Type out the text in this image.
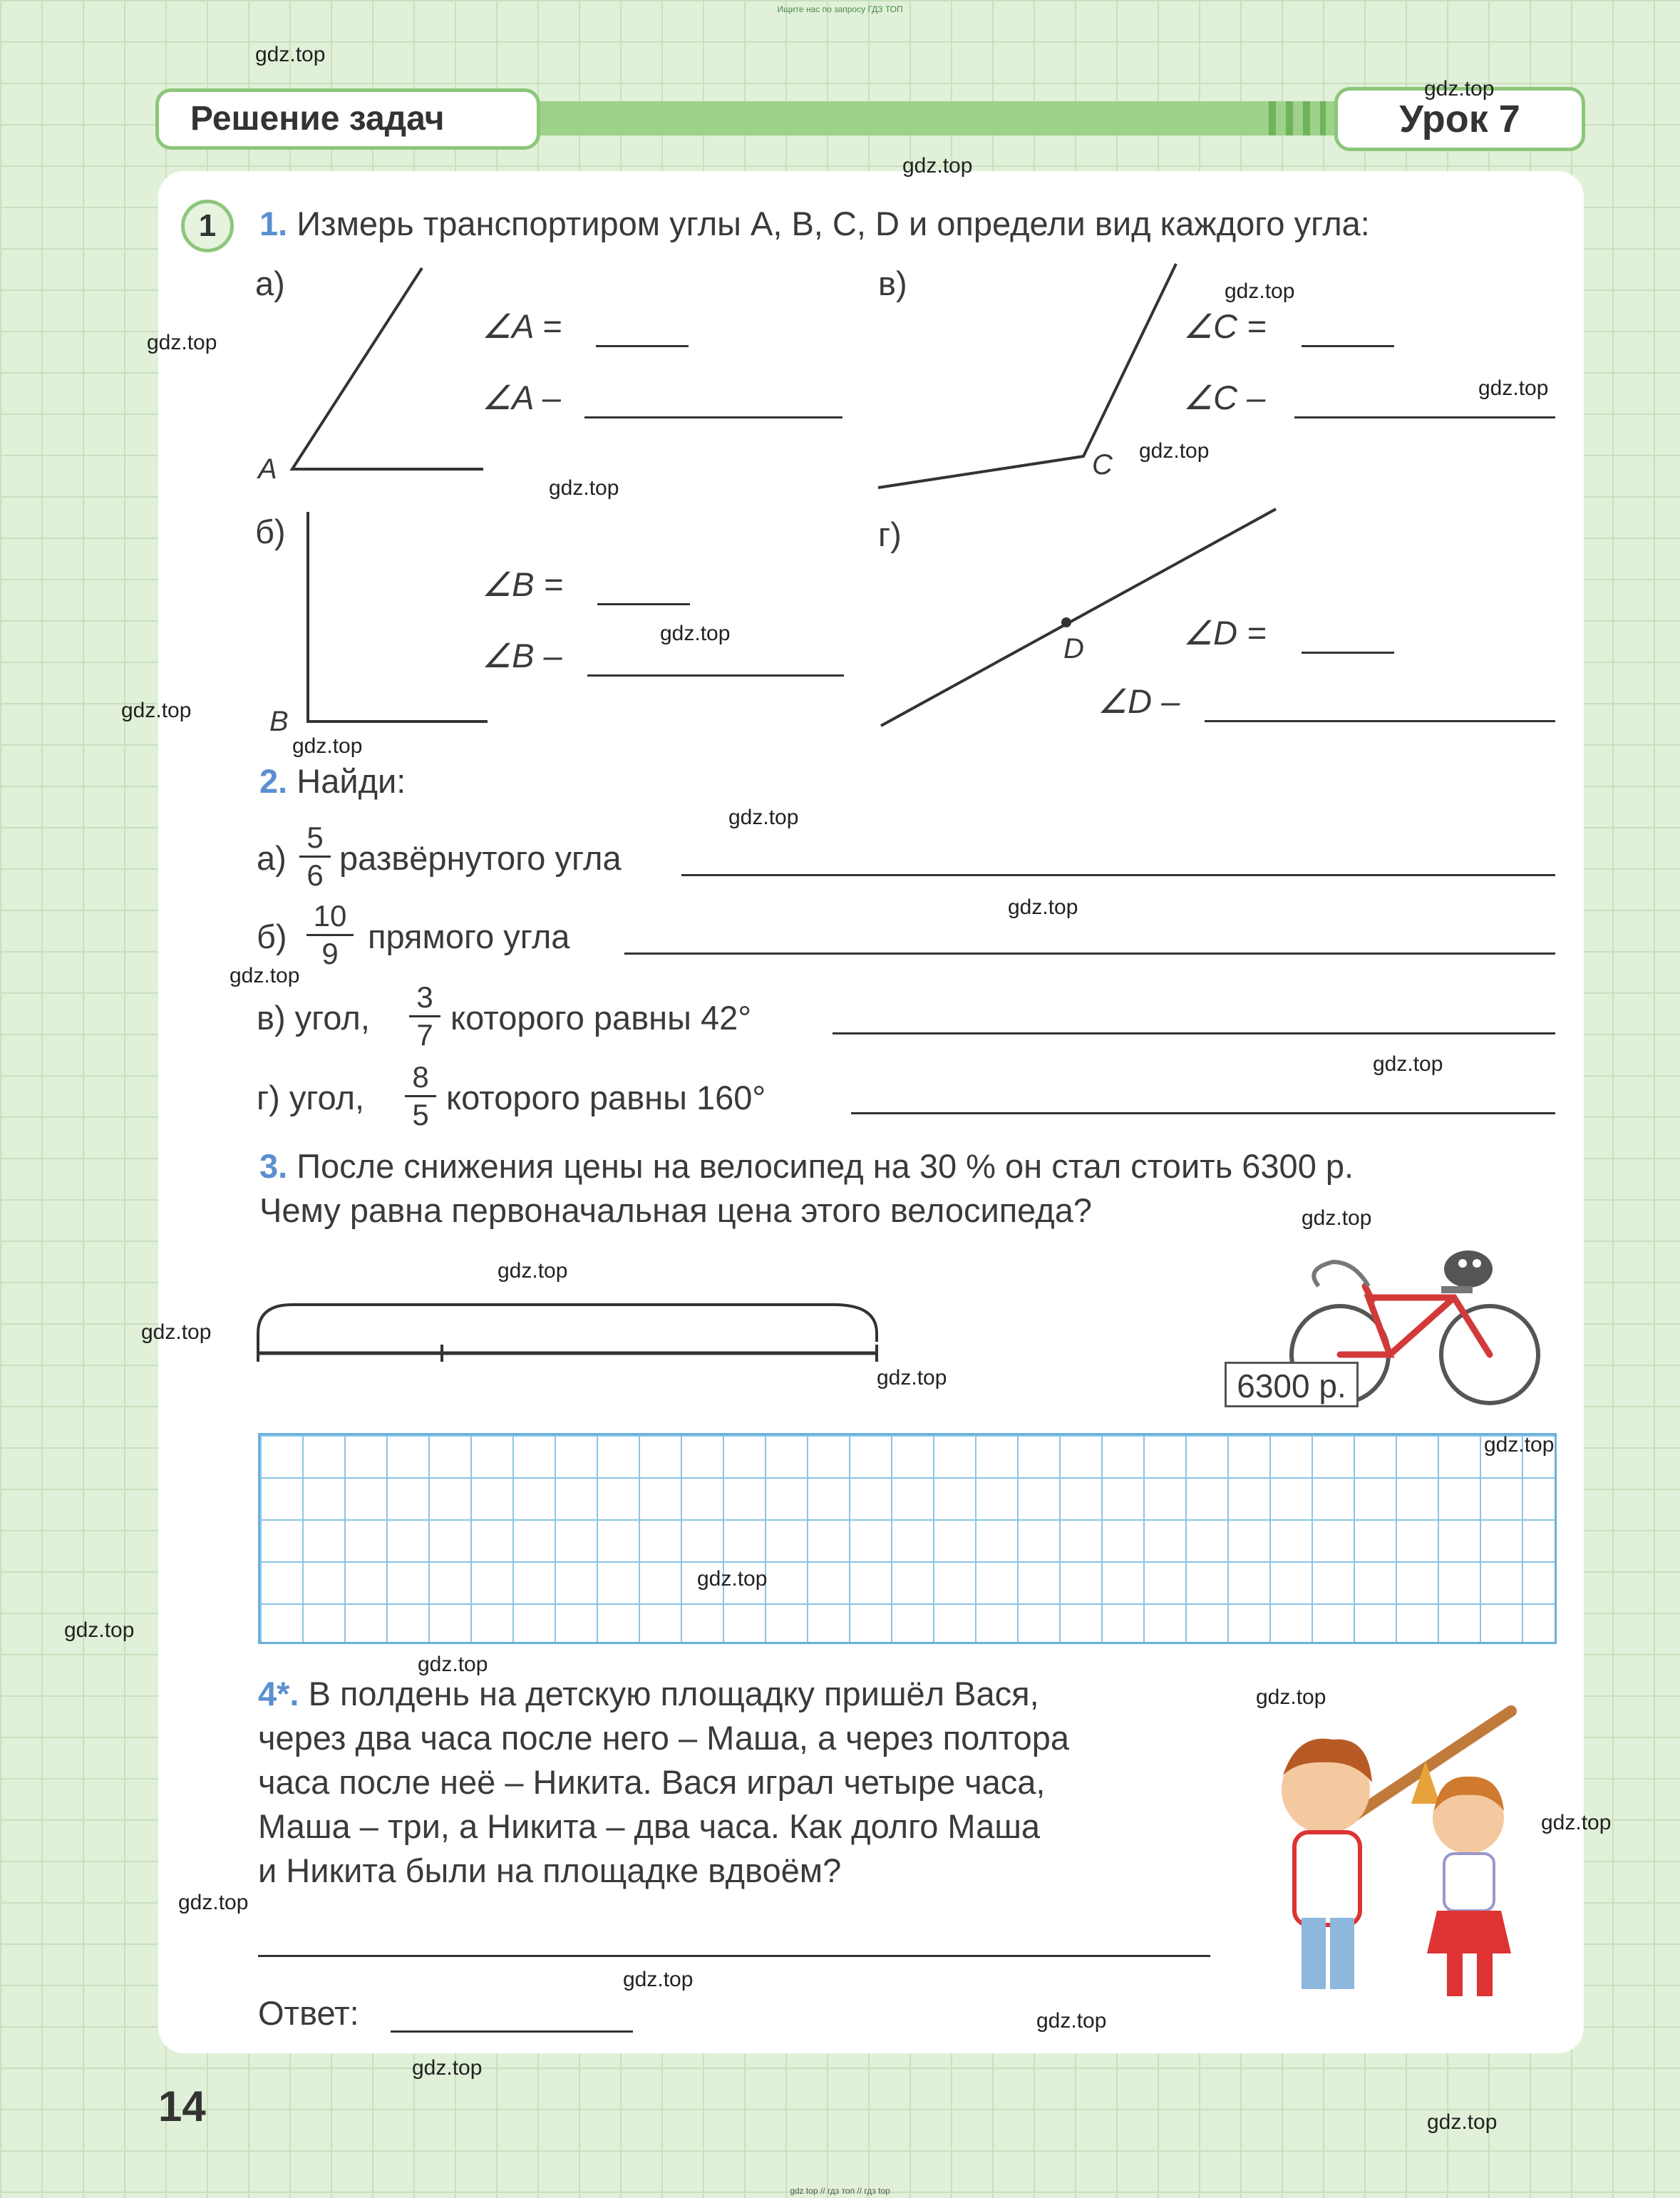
Ищите нас по запросу ГДЗ ТОП
Решение задач	Урок 7
1	1. Измерь транспортиром углы A, B, C, D и определи вид каждого угла:
а)
б)
в)
г)
A
B
C
D
∠A =
∠A –
∠B =
∠B –
∠C =
∠C –
∠D =
∠D –
2. Найди:
а)
5
6 развёрнутого угла
б)
10
9 прямого угла
в) угол,
3
7 которого равны 42°
г) угол,
8
5 которого равны 160°
3. После снижения цены на велосипед на 30 % он стал стоить 6300 р.
Чему равна первоначальная цена этого велосипеда?
6300 р.
4*. В полдень на детскую площадку пришёл Вася,
через два часа после него – Маша, а через полтора
часа после неё – Никита. Вася играл четыре часа,
Маша – три, а Никита – два часа. Как долго Маша
и Никита были на площадке вдвоём?
Ответ:
14
gdz.top
gdz.top
gdz.top
gdz.top
gdz.top
gdz.top
gdz.top
gdz.top
gdz.top
gdz.top
gdz.top
gdz.top
gdz.top
gdz.top
gdz.top
gdz.top
gdz.top
gdz.top
gdz.top
gdz.top
gdz.top
gdz.top
gdz.top
gdz.top
gdz.top
gdz.top
gdz.top
gdz.top
gdz.top
gdz.top
gdz top // гдз топ // гдз top
